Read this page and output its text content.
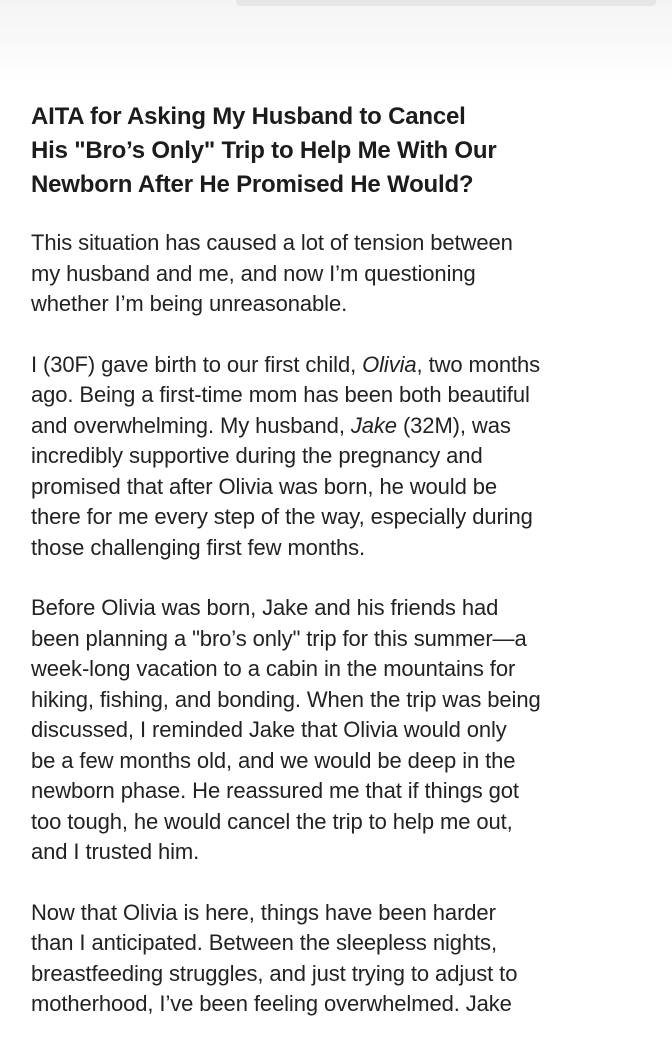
AITA for Asking My Husband to Cancel
His "Bro’s Only" Trip to Help Me With Our
Newborn After He Promised He Would?

This situation has caused a lot of tension between
my husband and me, and now I’m questioning
whether I’m being unreasonable.

I (30F) gave birth to our first child, Olivia, two months
ago. Being a first-time mom has been both beautiful
and overwhelming. My husband, Jake (32M), was
incredibly supportive during the pregnancy and
promised that after Olivia was born, he would be
there for me every step of the way, especially during
those challenging first few months.

Before Olivia was born, Jake and his friends had
been planning a "bro’s only" trip for this summer—a
week-long vacation to a cabin in the mountains for
hiking, fishing, and bonding. When the trip was being
discussed, I reminded Jake that Olivia would only
be a few months old, and we would be deep in the
newborn phase. He reassured me that if things got
too tough, he would cancel the trip to help me out,
and I trusted him.

Now that Olivia is here, things have been harder
than I anticipated. Between the sleepless nights,
breastfeeding struggles, and just trying to adjust to
motherhood, I’ve been feeling overwhelmed. Jake
